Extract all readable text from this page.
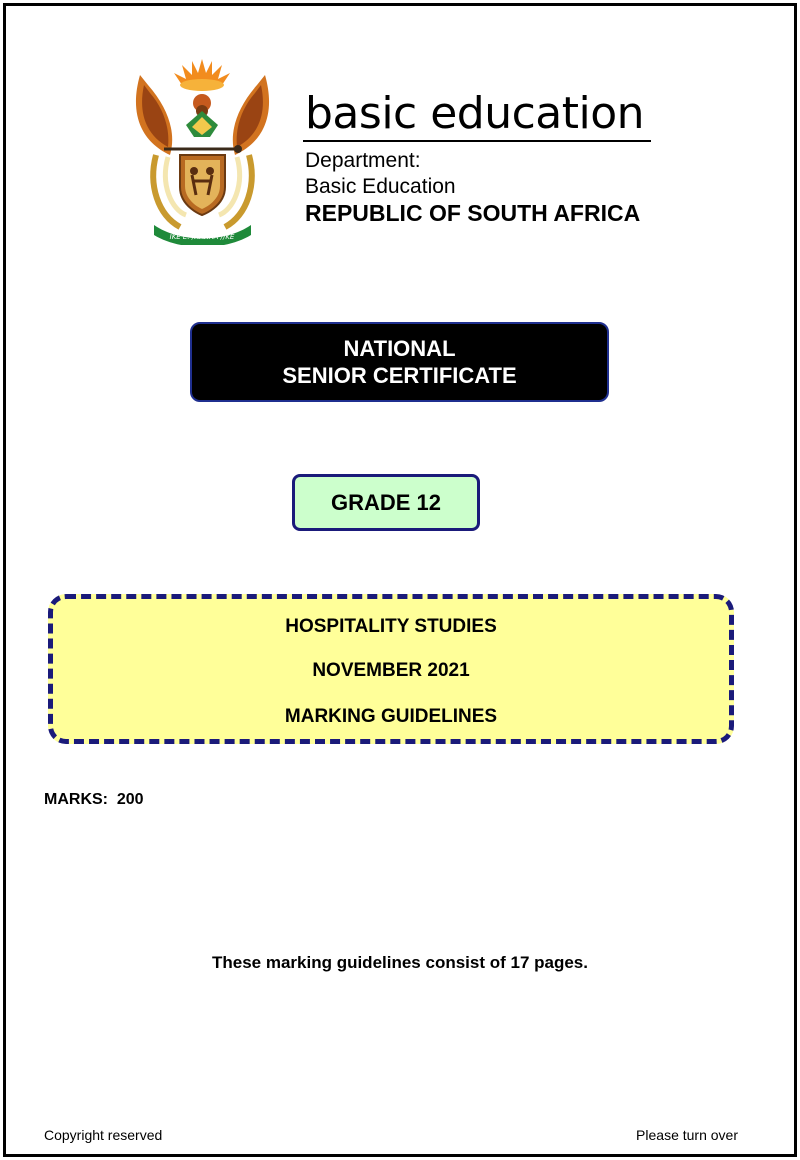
IKE E: /XARRA //KE
basic education
Department:
Basic Education
REPUBLIC OF SOUTH AFRICA
NATIONAL
SENIOR CERTIFICATE
GRADE 12
HOSPITALITY STUDIES
NOVEMBER 2021
MARKING GUIDELINES
MARKS:  200
These marking guidelines consist of 17 pages.
Copyright reserved	Please turn over
